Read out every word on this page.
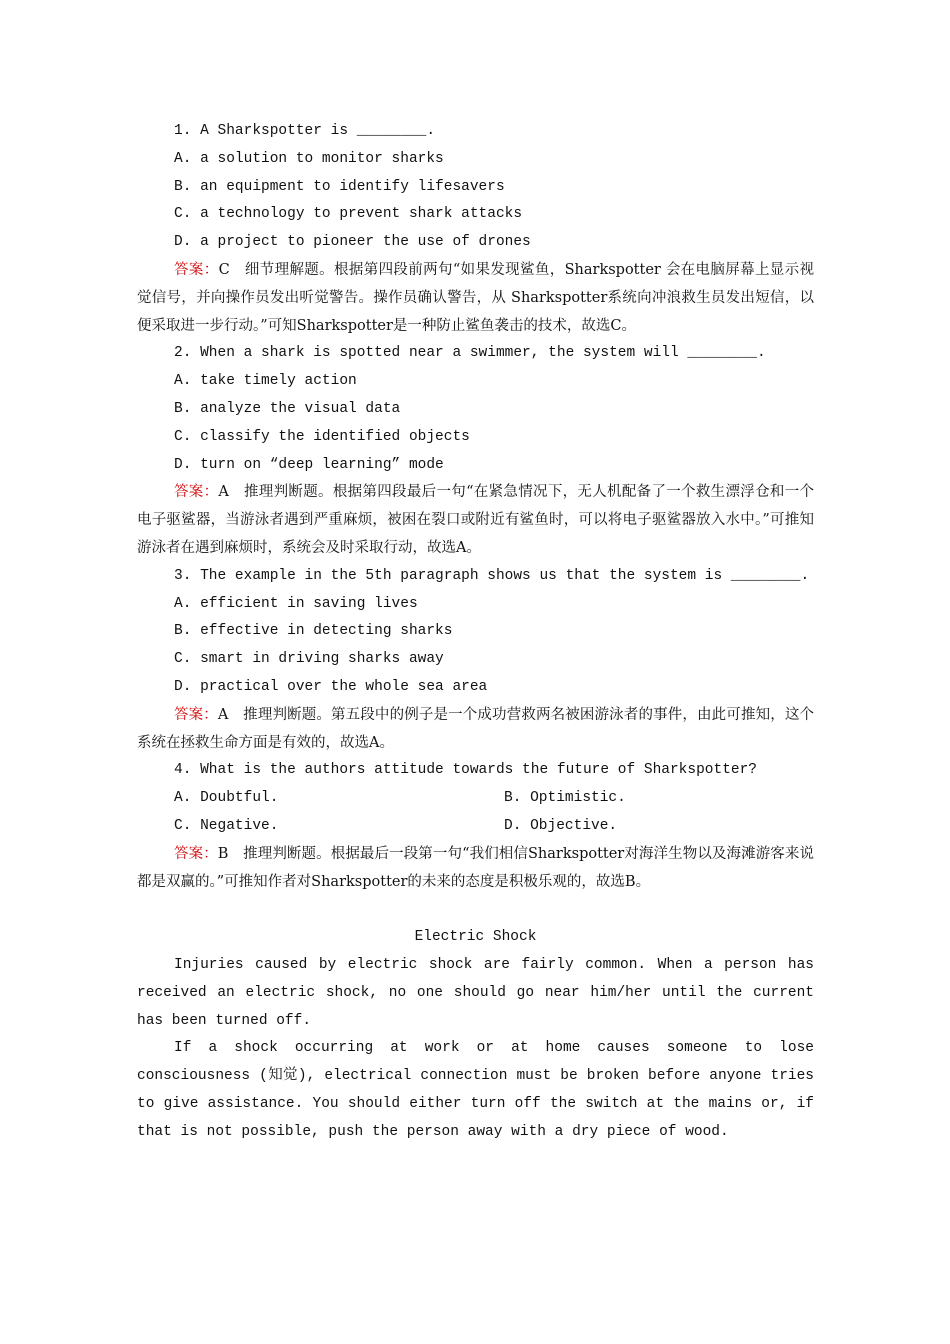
1. A Sharkspotter is ________.
A. a solution to monitor sharks
B. an equipment to identify lifesavers
C. a technology to prevent shark attacks
D. a project to pioneer the use of drones

答案：C　细节理解题。根据第四段前两句“如果发现鲨鱼，Sharkspotter 会在电脑屏幕上显示视觉信号，并向操作员发出听觉警告。操作员确认警告，从 Sharkspotter系统向冲浪救生员发出短信，以便采取进一步行动。”可知Sharkspotter是一种防止鲨鱼袭击的技术，故选C。

2. When a shark is spotted near a swimmer, the system will ________.
A. take timely action
B. analyze the visual data
C. classify the identified objects
D. turn on “deep learning” mode

答案：A　推理判断题。根据第四段最后一句“在紧急情况下，无人机配备了一个救生漂浮仓和一个电子驱鲨器，当游泳者遇到严重麻烦，被困在裂口或附近有鲨鱼时，可以将电子驱鲨器放入水中。”可推知游泳者在遇到麻烦时，系统会及时采取行动，故选A。

3. The example in the 5th paragraph shows us that the system is ________.
A. efficient in saving lives
B. effective in detecting sharks
C. smart in driving sharks away
D. practical over the whole sea area

答案：A　推理判断题。第五段中的例子是一个成功营救两名被困游泳者的事件，由此可推知，这个系统在拯救生命方面是有效的，故选A。

4. What is the authors attitude towards the future of Sharkspotter?
A. Doubtful.	B. Optimistic.
C. Negative.	D. Objective.

答案：B　推理判断题。根据最后一段第一句“我们相信Sharkspotter对海洋生物以及海滩游客来说都是双赢的。”可推知作者对Sharkspotter的未来的态度是积极乐观的，故选B。

Electric Shock

Injuries caused by electric shock are fairly common. When a person has received an electric shock, no one should go near him/her until the current has been turned off.

If a shock occurring at work or at home causes someone to lose consciousness (知觉), electrical connection must be broken before anyone tries to give assistance. You should either turn off the switch at the mains or, if that is not possible, push the person away with a dry piece of wood.
